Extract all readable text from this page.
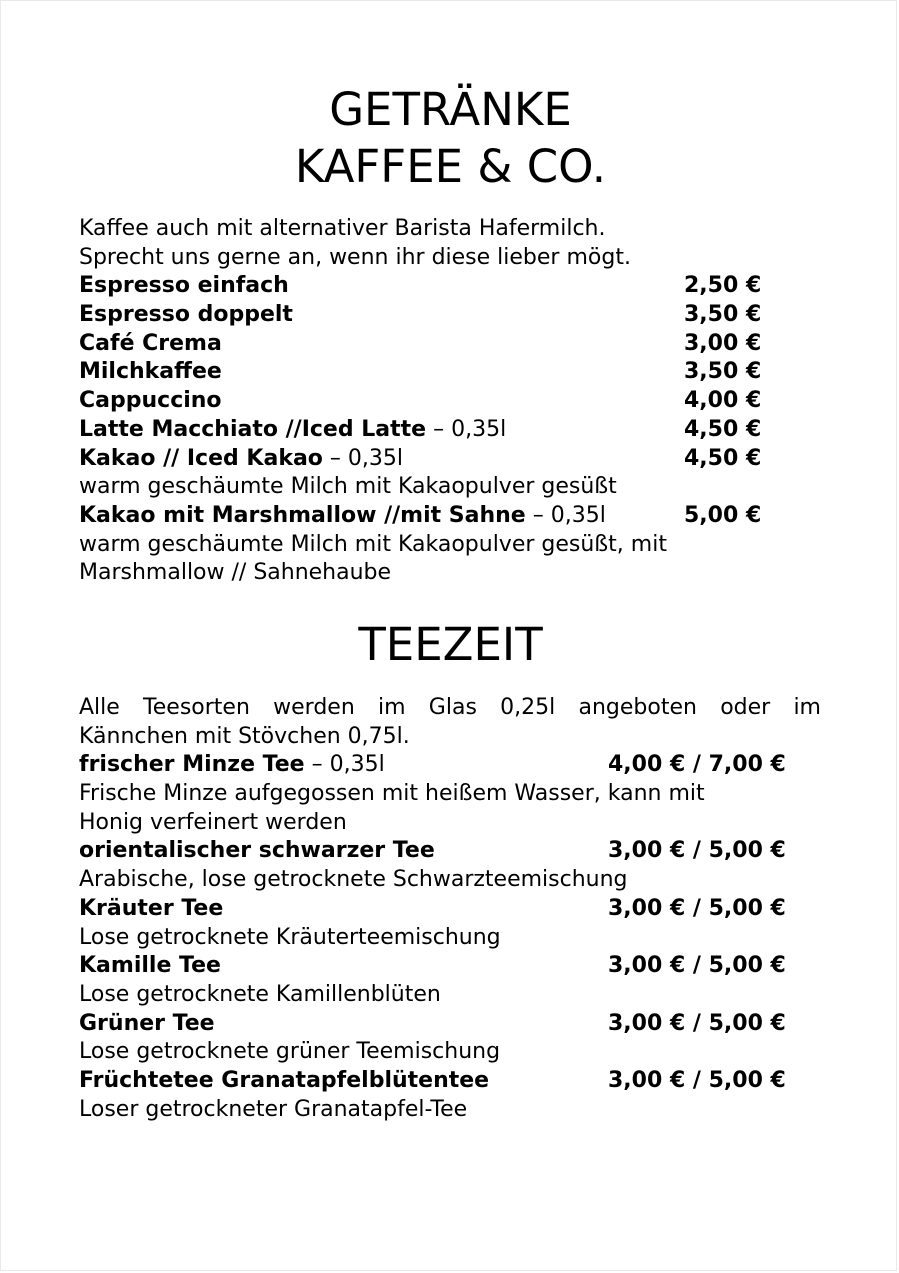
GETRÄNKE
KAFFEE & CO.
Kaffee auch mit alternativer Barista Hafermilch.
Sprecht uns gerne an, wenn ihr diese lieber mögt.
Espresso einfach	2,50 €
Espresso doppelt	3,50 €
Café Crema	3,00 €
Milchkaffee	3,50 €
Cappuccino	4,00 €
Latte Macchiato //Iced Latte – 0,35l	4,50 €
Kakao // Iced Kakao – 0,35l	4,50 €
warm geschäumte Milch mit Kakaopulver gesüßt
Kakao mit Marshmallow //mit Sahne – 0,35l	5,00 €
warm geschäumte Milch mit Kakaopulver gesüßt, mit
Marshmallow // Sahnehaube
TEEZEIT
Alle Teesorten werden im Glas 0,25l angeboten oder im
Kännchen mit Stövchen 0,75l.
frischer Minze Tee – 0,35l	4,00 € / 7,00 €
Frische Minze aufgegossen mit heißem Wasser, kann mit
Honig verfeinert werden
orientalischer schwarzer Tee	3,00 € / 5,00 €
Arabische, lose getrocknete Schwarzteemischung
Kräuter Tee	3,00 € / 5,00 €
Lose getrocknete Kräuterteemischung
Kamille Tee	3,00 € / 5,00 €
Lose getrocknete Kamillenblüten
Grüner Tee	3,00 € / 5,00 €
Lose getrocknete grüner Teemischung
Früchtetee Granatapfelblütentee	3,00 € / 5,00 €
Loser getrockneter Granatapfel-Tee
